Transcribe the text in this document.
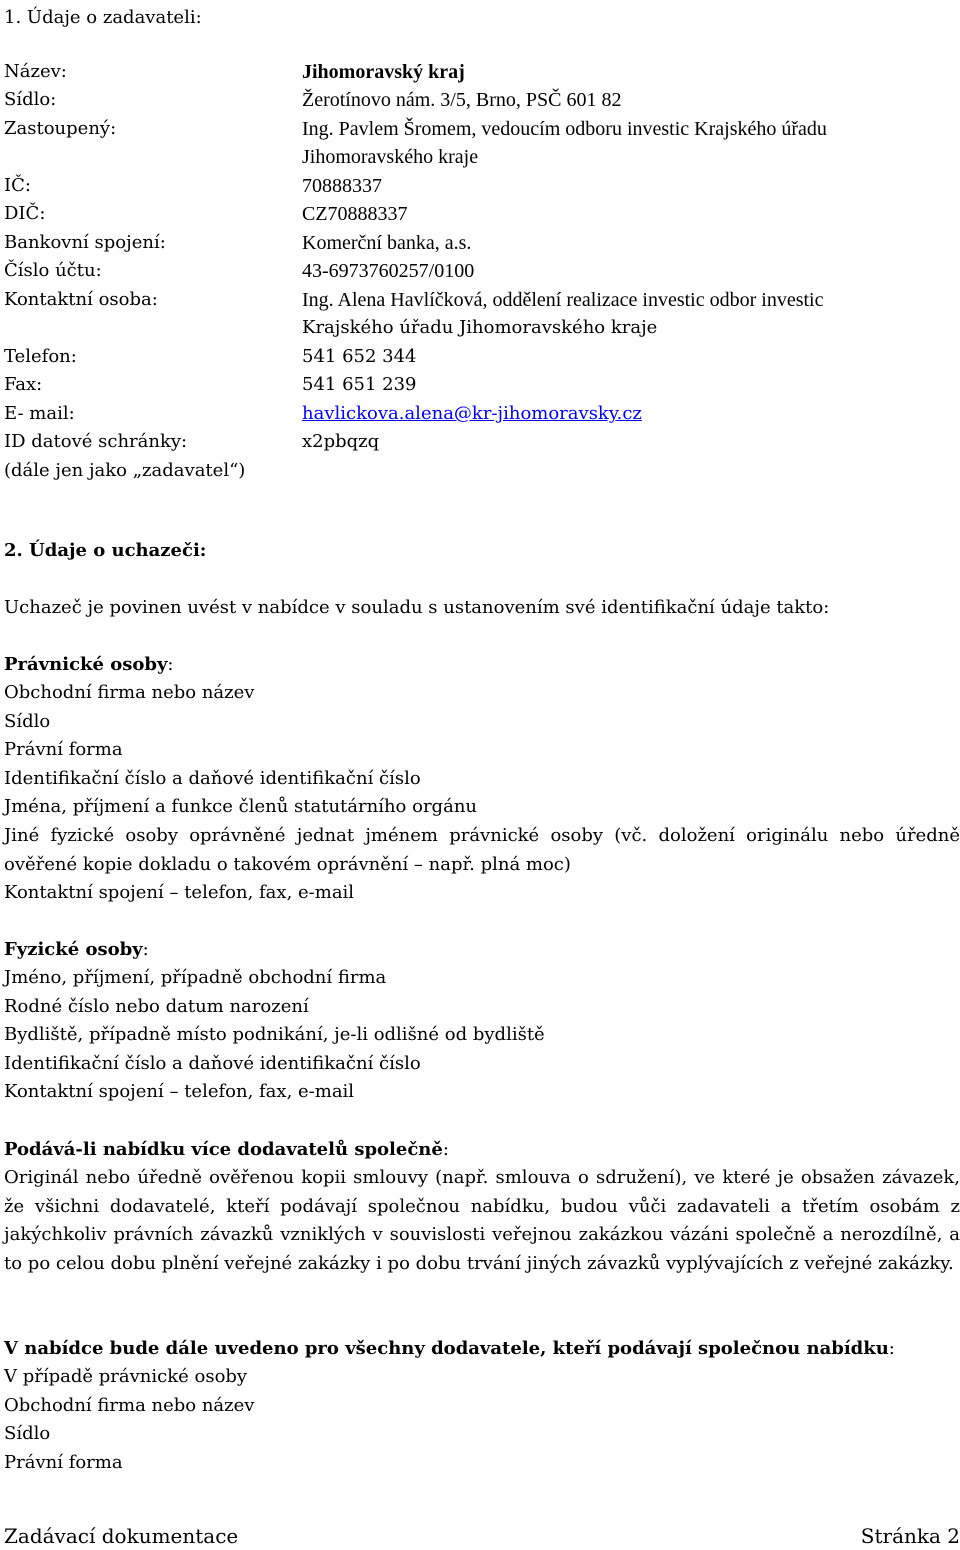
1. Údaje o zadavateli:
Název:	Jihomoravský kraj
Sídlo:	Žerotínovo nám. 3/5, Brno, PSČ 601 82
Zastoupený:	Ing. Pavlem Šromem, vedoucím odboru investic Krajského úřadu
Jihomoravského kraje
IČ:	70888337
DIČ:	CZ70888337
Bankovní spojení:	Komerční banka, a.s.
Číslo účtu:	43-6973760257/0100
Kontaktní osoba:	Ing. Alena Havlíčková, oddělení realizace investic odbor investic
Krajského úřadu Jihomoravského kraje
Telefon:	541 652 344
Fax:	541 651 239
E- mail:	havlickova.alena@kr-jihomoravsky.cz
ID datové schránky:	x2pbqzq
(dále jen jako „zadavatel“)
2. Údaje o uchazeči:
Uchazeč je povinen uvést v nabídce v souladu s ustanovením své identifikační údaje takto:
Právnické osoby:
Obchodní firma nebo název
Sídlo
Právní forma
Identifikační číslo a daňové identifikační číslo
Jména, příjmení a funkce členů statutárního orgánu
Jiné fyzické osoby oprávněné jednat jménem právnické osoby (vč. doložení originálu nebo úředně ověřené kopie dokladu o takovém oprávnění – např. plná moc)
Kontaktní spojení – telefon, fax, e-mail
Fyzické osoby:
Jméno, příjmení, případně obchodní firma
Rodné číslo nebo datum narození
Bydliště, případně místo podnikání, je-li odlišné od bydliště
Identifikační číslo a daňové identifikační číslo
Kontaktní spojení – telefon, fax, e-mail
Podává-li nabídku více dodavatelů společně:
Originál nebo úředně ověřenou kopii smlouvy (např. smlouva o sdružení), ve které je obsažen závazek, že všichni dodavatelé, kteří podávají společnou nabídku, budou vůči zadavateli a třetím osobám z jakýchkoliv právních závazků vzniklých v souvislosti veřejnou zakázkou vázáni společně a nerozdílně, a to po celou dobu plnění veřejné zakázky i po dobu trvání jiných závazků vyplývajících z veřejné zakázky.
V nabídce bude dále uvedeno pro všechny dodavatele, kteří podávají společnou nabídku:
V případě právnické osoby
Obchodní firma nebo název
Sídlo
Právní forma
Zadávací dokumentace	Stránka 2
